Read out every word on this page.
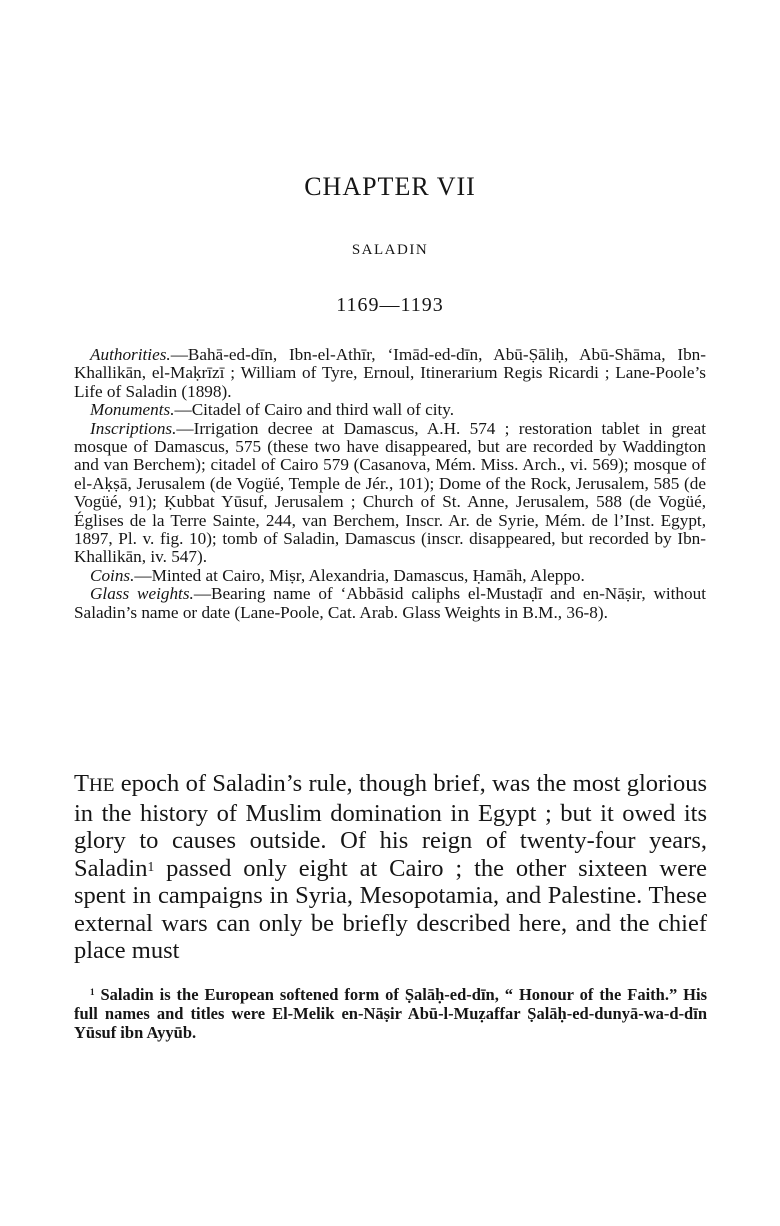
CHAPTER VII
SALADIN
1169—1193

Authorities.—Bahā-ed-dīn, Ibn-el-Athīr, ‘Imād-ed-dīn, Abū-Ṣāliḥ, Abū-Shāma, Ibn-Khallikān, el-Maḳrīzī ; William of Tyre, Ernoul, Itinerarium Regis Ricardi ; Lane-Poole’s Life of Saladin (1898).

Monuments.—Citadel of Cairo and third wall of city.

Inscriptions.—Irrigation decree at Damascus, A.H. 574 ; restoration tablet in great mosque of Damascus, 575 (these two have disappeared, but are recorded by Waddington and van Berchem); citadel of Cairo 579 (Casanova, Mém. Miss. Arch., vi. 569); mosque of el-Aḳṣā, Jerusalem (de Vogüé, Temple de Jér., 101); Dome of the Rock, Jerusalem, 585 (de Vogüé, 91); Ḳubbat Yūsuf, Jerusalem ; Church of St. Anne, Jerusalem, 588 (de Vogüé, Églises de la Terre Sainte, 244, van Berchem, Inscr. Ar. de Syrie, Mém. de l’Inst. Egypt, 1897, Pl. v. fig. 10); tomb of Saladin, Damascus (inscr. disappeared, but recorded by Ibn-Khallikān, iv. 547).

Coins.—Minted at Cairo, Miṣr, Alexandria, Damascus, Ḥamāh, Aleppo.

Glass weights.—Bearing name of ‘Abbāsid caliphs el-Mustaḍī and en-Nāṣir, without Saladin’s name or date (Lane-Poole, Cat. Arab. Glass Weights in B.M., 36-8).

THE epoch of Saladin’s rule, though brief, was the most glorious in the history of Muslim domination in Egypt ; but it owed its glory to causes outside. Of his reign of twenty-four years, Saladin$^1$ passed only eight at Cairo ; the other sixteen were spent in campaigns in Syria, Mesopotamia, and Palestine. These external wars can only be briefly described here, and the chief place must

$^1$ Saladin is the European softened form of Ṣalāḥ-ed-dīn, “ Honour of the Faith.” His full names and titles were El-Melik en-Nāṣir Abū-l-Muẓaffar Ṣalāḥ-ed-dunyā-wa-d-dīn Yūsuf ibn Ayyūb.
